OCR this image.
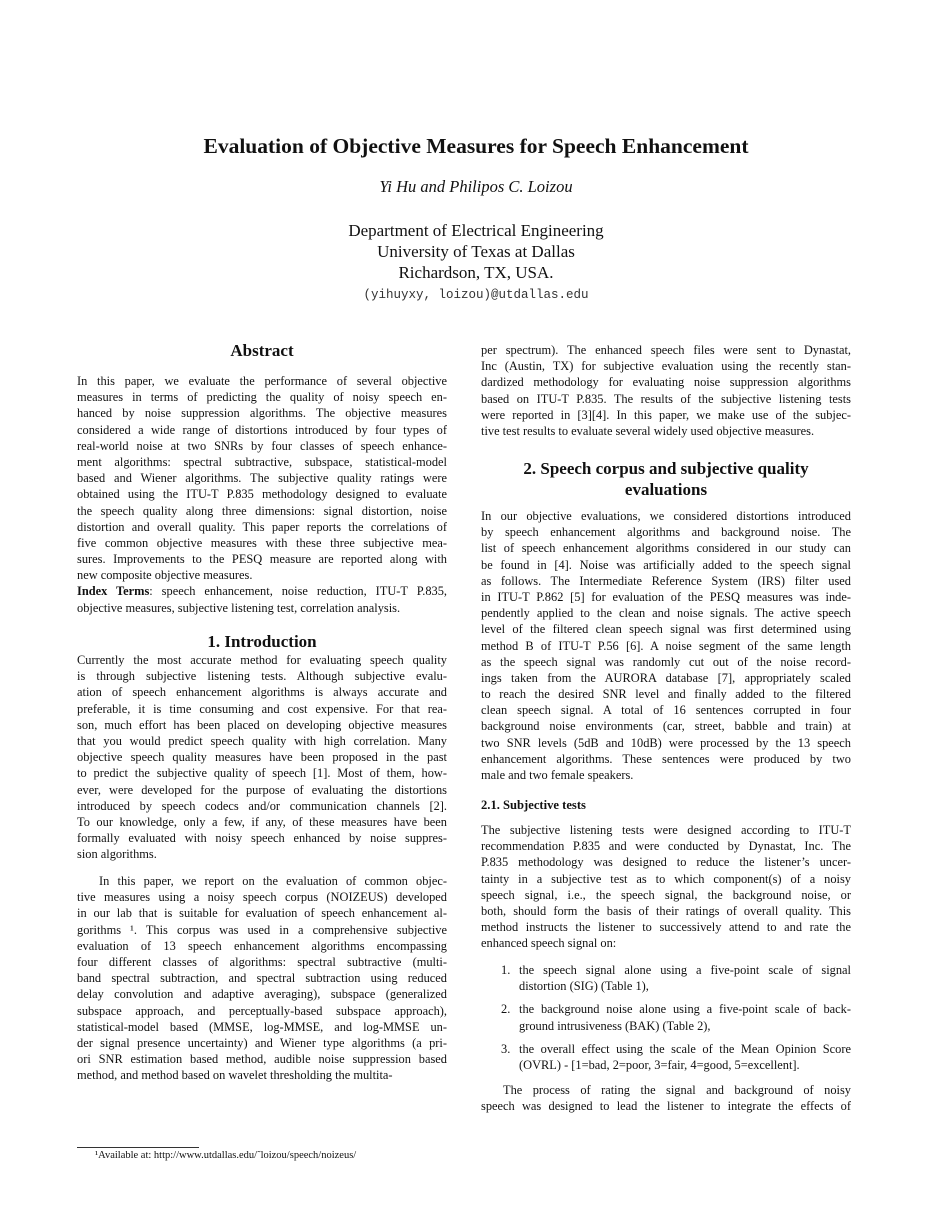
Evaluation of Objective Measures for Speech Enhancement
Yi Hu and Philipos C. Loizou
Department of Electrical Engineering
University of Texas at Dallas
Richardson, TX, USA.
(yihuyxy, loizou)@utdallas.edu
Abstract
In this paper, we evaluate the performance of several objective
measures in terms of predicting the quality of noisy speech en-
hanced by noise suppression algorithms. The objective measures
considered a wide range of distortions introduced by four types of
real-world noise at two SNRs by four classes of speech enhance-
ment algorithms: spectral subtractive, subspace, statistical-model
based and Wiener algorithms. The subjective quality ratings were
obtained using the ITU-T P.835 methodology designed to evaluate
the speech quality along three dimensions: signal distortion, noise
distortion and overall quality. This paper reports the correlations of
five common objective measures with these three subjective mea-
sures. Improvements to the PESQ measure are reported along with
new composite objective measures.
Index Terms: speech enhancement, noise reduction, ITU-T P.835,
objective measures, subjective listening test, correlation analysis.
1. Introduction
Currently the most accurate method for evaluating speech quality
is through subjective listening tests. Although subjective evalu-
ation of speech enhancement algorithms is always accurate and
preferable, it is time consuming and cost expensive. For that rea-
son, much effort has been placed on developing objective measures
that you would predict speech quality with high correlation. Many
objective speech quality measures have been proposed in the past
to predict the subjective quality of speech [1]. Most of them, how-
ever, were developed for the purpose of evaluating the distortions
introduced by speech codecs and/or communication channels [2].
To our knowledge, only a few, if any, of these measures have been
formally evaluated with noisy speech enhanced by noise suppres-
sion algorithms.
In this paper, we report on the evaluation of common objec-
tive measures using a noisy speech corpus (NOIZEUS) developed
in our lab that is suitable for evaluation of speech enhancement al-
gorithms ¹. This corpus was used in a comprehensive subjective
evaluation of 13 speech enhancement algorithms encompassing
four different classes of algorithms: spectral subtractive (multi-
band spectral subtraction, and spectral subtraction using reduced
delay convolution and adaptive averaging), subspace (generalized
subspace approach, and perceptually-based subspace approach),
statistical-model based (MMSE, log-MMSE, and log-MMSE un-
der signal presence uncertainty) and Wiener type algorithms (a pri-
ori SNR estimation based method, audible noise suppression based
method, and method based on wavelet thresholding the multita-
¹Available at: http://www.utdallas.edu/˜loizou/speech/noizeus/
per spectrum). The enhanced speech files were sent to Dynastat,
Inc (Austin, TX) for subjective evaluation using the recently stan-
dardized methodology for evaluating noise suppression algorithms
based on ITU-T P.835. The results of the subjective listening tests
were reported in [3][4]. In this paper, we make use of the subjec-
tive test results to evaluate several widely used objective measures.
2. Speech corpus and subjective quality
evaluations
In our objective evaluations, we considered distortions introduced
by speech enhancement algorithms and background noise. The
list of speech enhancement algorithms considered in our study can
be found in [4]. Noise was artificially added to the speech signal
as follows. The Intermediate Reference System (IRS) filter used
in ITU-T P.862 [5] for evaluation of the PESQ measures was inde-
pendently applied to the clean and noise signals. The active speech
level of the filtered clean speech signal was first determined using
method B of ITU-T P.56 [6]. A noise segment of the same length
as the speech signal was randomly cut out of the noise record-
ings taken from the AURORA database [7], appropriately scaled
to reach the desired SNR level and finally added to the filtered
clean speech signal. A total of 16 sentences corrupted in four
background noise environments (car, street, babble and train) at
two SNR levels (5dB and 10dB) were processed by the 13 speech
enhancement algorithms. These sentences were produced by two
male and two female speakers.
2.1. Subjective tests
The subjective listening tests were designed according to ITU-T
recommendation P.835 and were conducted by Dynastat, Inc. The
P.835 methodology was designed to reduce the listener’s uncer-
tainty in a subjective test as to which component(s) of a noisy
speech signal, i.e., the speech signal, the background noise, or
both, should form the basis of their ratings of overall quality. This
method instructs the listener to successively attend to and rate the
enhanced speech signal on:
1. the speech signal alone using a five-point scale of signal
distortion (SIG) (Table 1),
2. the background noise alone using a five-point scale of back-
ground intrusiveness (BAK) (Table 2),
3. the overall effect using the scale of the Mean Opinion Score
(OVRL) - [1=bad, 2=poor, 3=fair, 4=good, 5=excellent].
The process of rating the signal and background of noisy
speech was designed to lead the listener to integrate the effects of
